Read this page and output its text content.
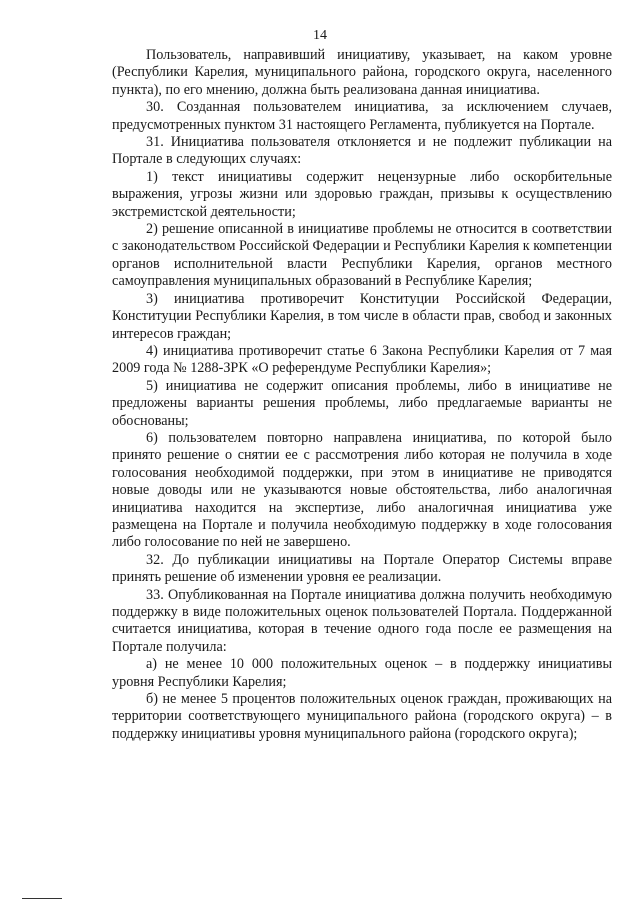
14

Пользователь, направивший инициативу, указывает, на каком уровне (Республики Карелия, муниципального района, городского округа, населенного пункта), по его мнению, должна быть реализована данная инициатива.

30. Созданная пользователем инициатива, за исключением случаев, предусмотренных пунктом 31 настоящего Регламента, публикуется на Портале.

31. Инициатива пользователя отклоняется и не подлежит публикации на Портале в следующих случаях:

1) текст инициативы содержит нецензурные либо оскорбительные выражения, угрозы жизни или здоровью граждан, призывы к осуществлению экстремистской деятельности;

2) решение описанной в инициативе проблемы не относится в соответствии с законодательством Российской Федерации и Республики Карелия к компетенции органов исполнительной власти Республики Карелия, органов местного самоуправления муниципальных образований в Республике Карелия;

3) инициатива противоречит Конституции Российской Федерации, Конституции Республики Карелия, в том числе в области прав, свобод и законных интересов граждан;

4) инициатива противоречит статье 6 Закона Республики Карелия от 7 мая 2009 года № 1288-ЗРК «О референдуме Республики Карелия»;

5) инициатива не содержит описания проблемы, либо в инициативе не предложены варианты решения проблемы, либо предлагаемые варианты не обоснованы;

6) пользователем повторно направлена инициатива, по которой было принято решение о снятии ее с рассмотрения либо которая не получила в ходе голосования необходимой поддержки, при этом в инициативе не приводятся новые доводы или не указываются новые обстоятельства, либо аналогичная инициатива находится на экспертизе, либо аналогичная инициатива уже размещена на Портале и получила необходимую поддержку в ходе голосования либо голосование по ней не завершено.

32. До публикации инициативы на Портале Оператор Системы вправе принять решение об изменении уровня ее реализации.

33. Опубликованная на Портале инициатива должна получить необходимую поддержку в виде положительных оценок пользователей Портала. Поддержанной считается инициатива, которая в течение одного года после ее размещения на Портале получила:

а) не менее 10 000 положительных оценок – в поддержку инициативы уровня Республики Карелия;

б) не менее 5 процентов положительных оценок граждан, проживающих на территории соответствующего муниципального района (городского округа) – в поддержку инициативы уровня муниципального района (городского округа);
